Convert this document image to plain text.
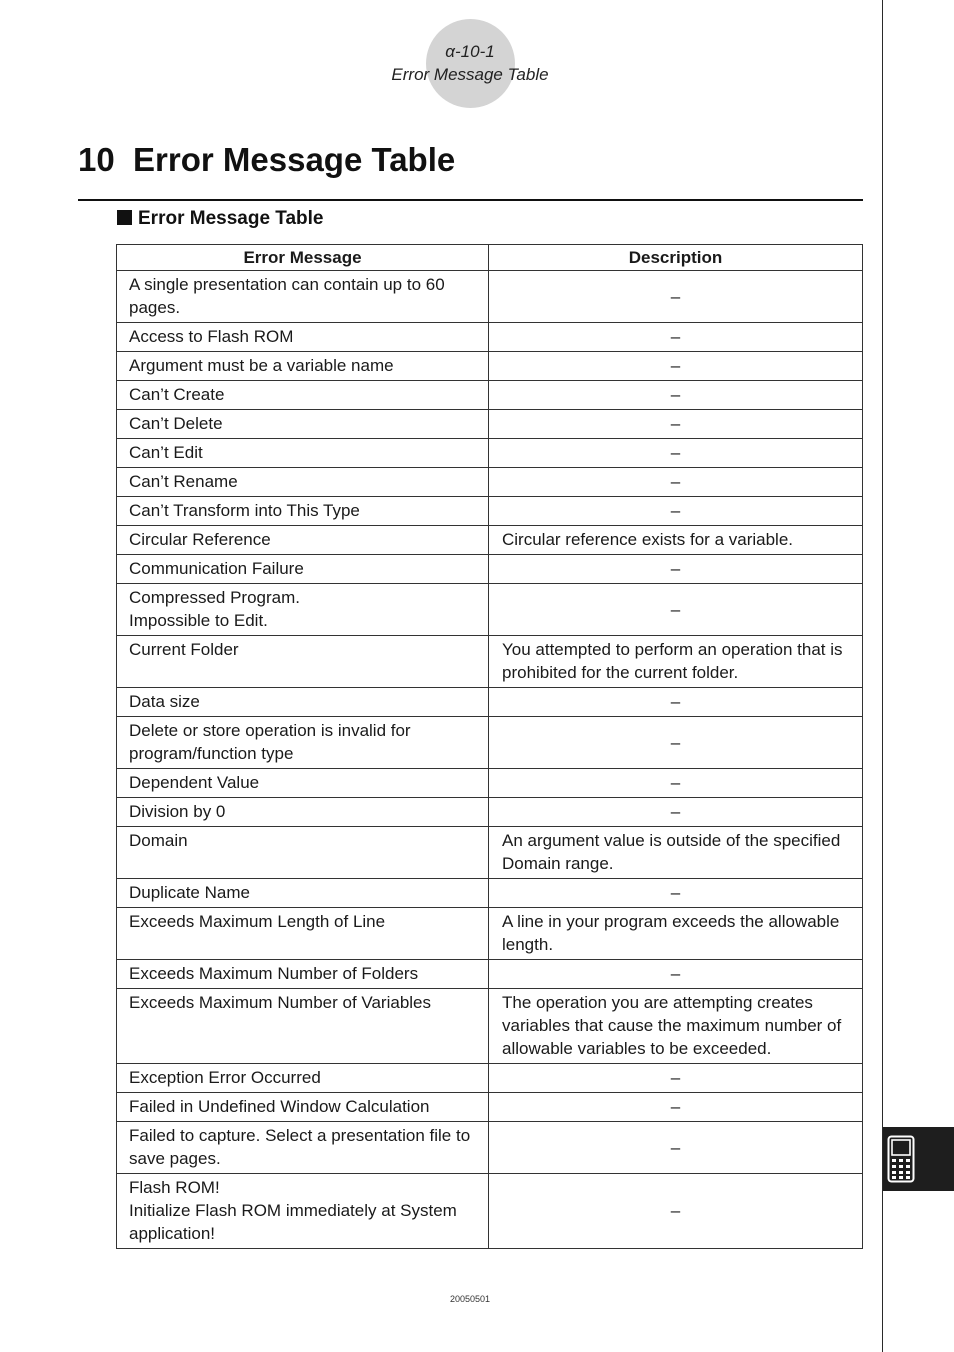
α-10-1
Error Message Table
10  Error Message Table
Error Message Table
Error Message	Description
A single presentation can contain up to 60 pages.	–
Access to Flash ROM	–
Argument must be a variable name	–
Can’t Create	–
Can’t Delete	–
Can’t Edit	–
Can’t Rename	–
Can’t Transform into This Type	–
Circular Reference	Circular reference exists for a variable.
Communication Failure	–
Compressed Program.
Impossible to Edit.	–
Current Folder	You attempted to perform an operation that is prohibited for the current folder.
Data size	–
Delete or store operation is invalid for program/function type	–
Dependent Value	–
Division by 0	–
Domain	An argument value is outside of the specified Domain range.
Duplicate Name	–
Exceeds Maximum Length of Line	A line in your program exceeds the allowable length.
Exceeds Maximum Number of Folders	–
Exceeds Maximum Number of Variables	The operation you are attempting creates variables that cause the maximum number of allowable variables to be exceeded.
Exception Error Occurred	–
Failed in Undefined Window Calculation	–
Failed to capture. Select a presentation file to save pages.	–
Flash ROM!
Initialize Flash ROM immediately at System application!	–
20050501
